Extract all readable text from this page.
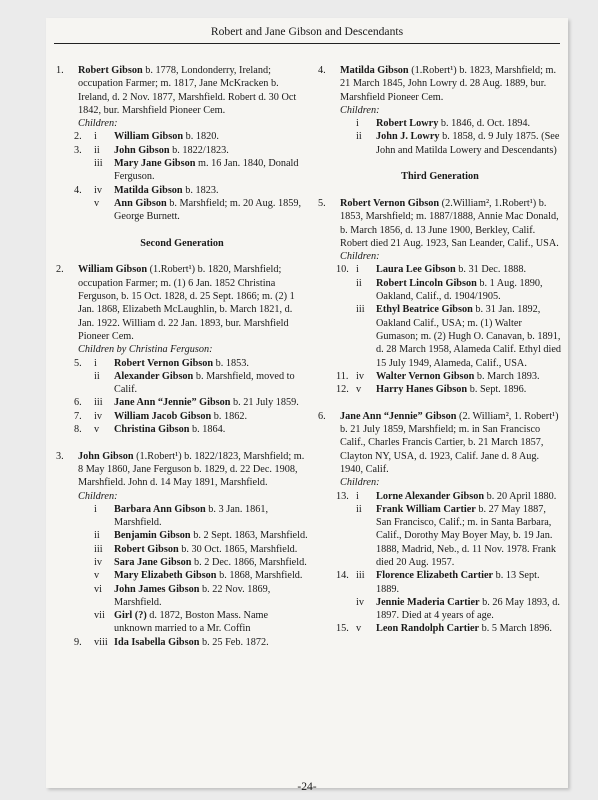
Robert and Jane Gibson and Descendants
1. Robert Gibson b. 1778, Londonderry, Ireland; occupation Farmer; m. 1817, Jane McKracken b. Ireland, d. 2 Nov. 1877, Marshfield. Robert d. 30 Oct 1842, bur. Marshfield Pioneer Cem.
Children:
2.	i	William Gibson b. 1820.
3.	ii	John Gibson b. 1822/1823.
iii	Mary Jane Gibson m. 16 Jan. 1840, Donald Ferguson.
4.	iv	Matilda Gibson b. 1823.
v	Ann Gibson b. Marshfield; m. 20 Aug. 1859, George Burnett.
Second Generation
2. William Gibson (1.Robert¹) b. 1820, Marshfield; occupation Farmer; m. (1) 6 Jan. 1852 Christina Ferguson, b. 15 Oct. 1828, d. 25 Sept. 1866; m. (2) 1 Jan. 1868, Elizabeth McLaughlin, b. March 1821, d. Jan. 1922. William d. 22 Jan. 1893, bur. Marshfield Pioneer Cem.
Children by Christina Ferguson:
5.	i	Robert Vernon Gibson b. 1853.
ii	Alexander Gibson b. Marshfield, moved to Calif.
6.	iii	Jane Ann “Jennie” Gibson b. 21 July 1859.
7.	iv	William Jacob Gibson b. 1862.
8.	v	Christina Gibson b. 1864.
3. John Gibson (1.Robert¹) b. 1822/1823, Marshfield; m. 8 May 1860, Jane Ferguson b. 1829, d. 22 Dec. 1908, Marshfield. John d. 14 May 1891, Marshfield.
Children:
i	Barbara Ann Gibson b. 3 Jan. 1861, Marshfield.
ii	Benjamin Gibson b. 2 Sept. 1863, Marshfield.
iii	Robert Gibson b. 30 Oct. 1865, Marshfield.
iv	Sara Jane Gibson b. 2 Dec. 1866, Marshfield.
v	Mary Elizabeth Gibson b. 1868, Marshfield.
vi	John James Gibson b. 22 Nov. 1869, Marshfield.
vii Girl (?) d. 1872, Boston Mass. Name unknown married to a Mr. Coffin
9.	viii Ida Isabella Gibson b. 25 Feb. 1872.
4. Matilda Gibson (1.Robert¹) b. 1823, Marshfield; m. 21 March 1845, John Lowry d. 28 Aug. 1889, bur. Marshfield Pioneer Cem.
Children:
i	Robert Lowry b. 1846, d. Oct. 1894.
ii	John J. Lowry b. 1858, d. 9 July 1875. (See John and Matilda Lowery and Descendants)
Third Generation
5. Robert Vernon Gibson (2.William², 1.Robert¹) b. 1853, Marshfield; m. 1887/1888, Annie Mac Donald, b. March 1856, d. 13 June 1900, Berkley, Calif. Robert died 21 Aug. 1923, San Leander, Calif., USA.
Children:
10. i	Laura Lee Gibson b. 31 Dec. 1888.
ii	Robert Lincoln Gibson b. 1 Aug. 1890, Oakland, Calif., d. 1904/1905.
iii	Ethyl Beatrice Gibson b. 31 Jan. 1892, Oakland Calif., USA; m. (1) Walter Gumason; m. (2) Hugh O. Canavan, b. 1891, d. 28 March 1958, Alameda Calif. Ethyl died 15 July 1949, Alameda, Calif., USA.
11. iv	Walter Vernon Gibson b. March 1893.
12. v	Harry Hanes Gibson b. Sept. 1896.
6. Jane Ann “Jennie” Gibson (2. William², 1. Robert¹) b. 21 July 1859, Marshfield; m. in San Francisco Calif., Charles Francis Cartier, b. 21 March 1857, Clayton NY, USA, d. 1923, Calif. Jane d. 8 Aug. 1940, Calif.
Children:
13. i	Lorne Alexander Gibson b. 20 April 1880.
ii	Frank William Cartier b. 27 May 1887, San Francisco, Calif.; m. in Santa Barbara, Calif., Dorothy May Boyer May, b. 19 Jan. 1888, Madrid, Neb., d. 11 Nov. 1978. Frank died 20 Aug. 1957.
14. iii	Florence Elizabeth Cartier b. 13 Sept. 1889.
iv	Jennie Maderia Cartier b. 26 May 1893, d. 1897. Died at 4 years of age.
15. v	Leon Randolph Cartier b. 5 March 1896.
-24-
